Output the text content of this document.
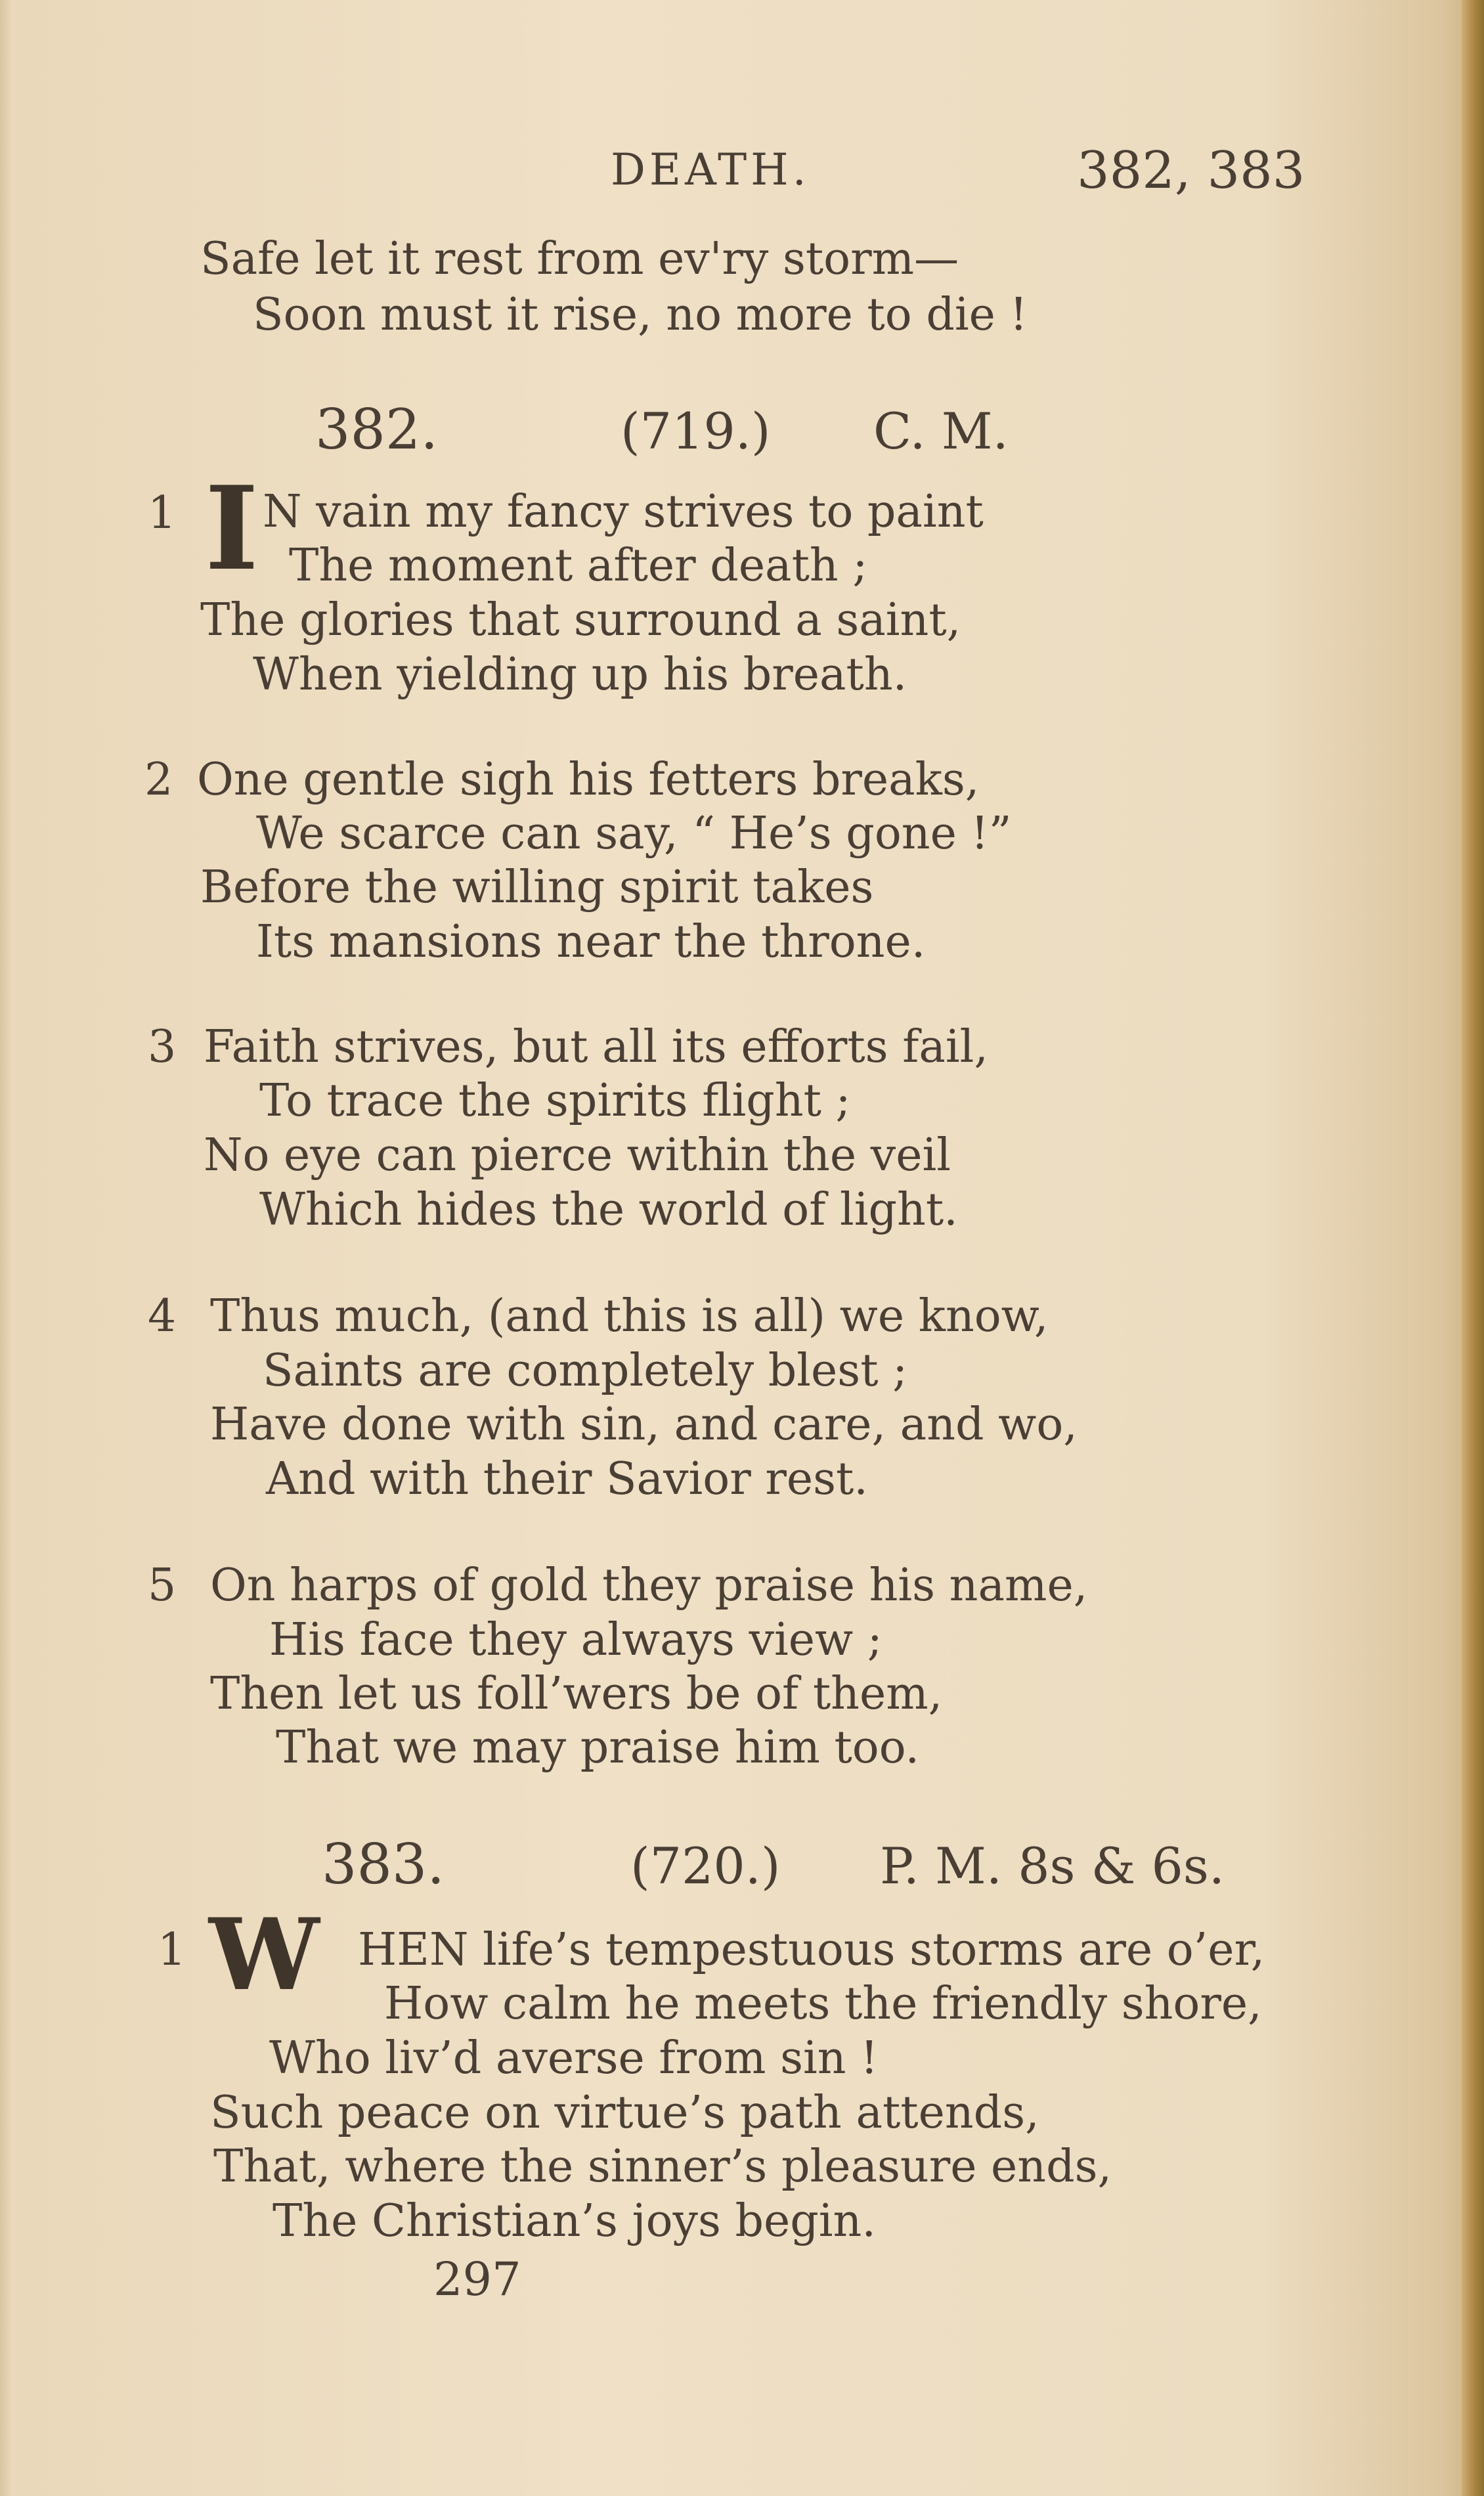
DEATH.	382, 383
Safe let it rest from ev'ry storm—
Soon must it rise, no more to die !
382.	(719.) C. M.
1 I N vain my fancy strives to paint
The moment after death ;
The glories that surround a saint,
When yielding up his breath.
2 One gentle sigh his fetters breaks,
We scarce can say, “ He’s gone !”
Before the willing spirit takes
Its mansions near the throne.
3 Faith strives, but all its efforts fail,
To trace the spirits flight ;
No eye can pierce within the veil
Which hides the world of light.
4 Thus much, (and this is all) we know,
Saints are completely blest ;
Have done with sin, and care, and wo,
And with their Savior rest.
5 On harps of gold they praise his name,
His face they always view ;
Then let us foll’wers be of them,
That we may praise him too.
383.	(720.) P. M. 8s & 6s.
1 W HEN life’s tempestuous storms are o’er,
How calm he meets the friendly shore,
Who liv’d averse from sin !
Such peace on virtue’s path attends,
That, where the sinner’s pleasure ends,
The Christian’s joys begin.
297
